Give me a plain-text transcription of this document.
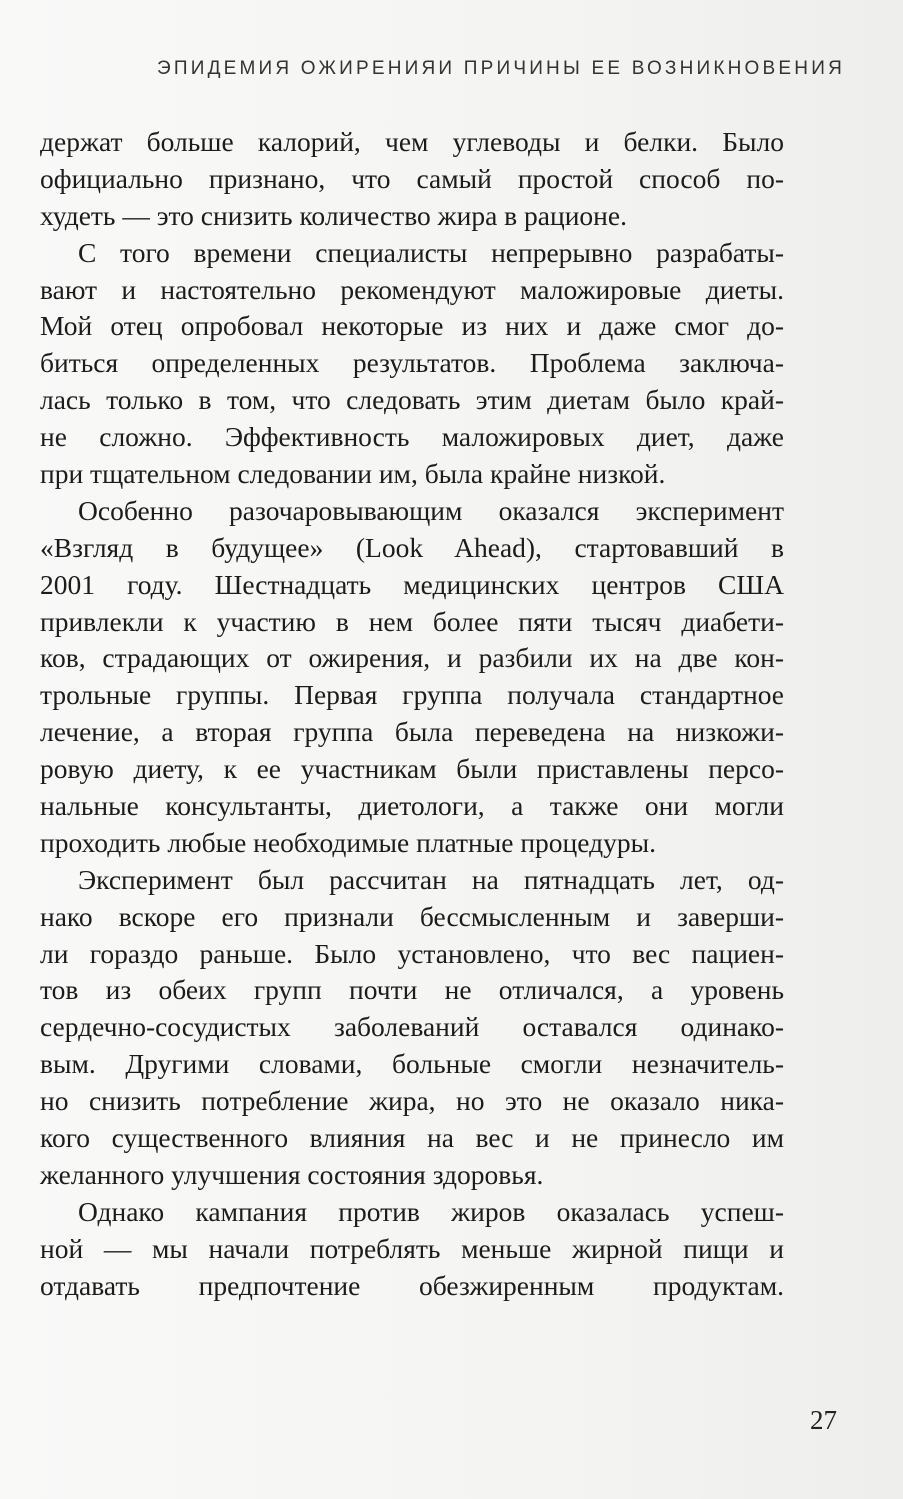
ЭПИДЕМИЯ ОЖИРЕНИЯИ ПРИЧИНЫ ЕЕ ВОЗНИКНОВЕНИЯ
держат больше калорий, чем углеводы и белки. Было
официально признано, что самый простой способ по-
худеть — это снизить количество жира в рационе.
С того времени специалисты непрерывно разрабаты-
вают и настоятельно рекомендуют маложировые диеты.
Мой отец опробовал некоторые из них и даже смог до-
биться определенных результатов. Проблема заключа-
лась только в том, что следовать этим диетам было край-
не сложно. Эффективность маложировых диет, даже
при тщательном следовании им, была крайне низкой.
Особенно разочаровывающим оказался эксперимент
«Взгляд в будущее» (Look Ahead), стартовавший в
2001 году. Шестнадцать медицинских центров США
привлекли к участию в нем более пяти тысяч диабети-
ков, страдающих от ожирения, и разбили их на две кон-
трольные группы. Первая группа получала стандартное
лечение, а вторая группа была переведена на низкожи-
ровую диету, к ее участникам были приставлены персо-
нальные консультанты, диетологи, а также они могли
проходить любые необходимые платные процедуры.
Эксперимент был рассчитан на пятнадцать лет, од-
нако вскоре его признали бессмысленным и заверши-
ли гораздо раньше. Было установлено, что вес пациен-
тов из обеих групп почти не отличался, а уровень
сердечно-сосудистых заболеваний оставался одинако-
вым. Другими словами, больные смогли незначитель-
но снизить потребление жира, но это не оказало ника-
кого существенного влияния на вес и не принесло им
желанного улучшения состояния здоровья.
Однако кампания против жиров оказалась успеш-
ной — мы начали потреблять меньше жирной пищи и
отдавать предпочтение обезжиренным продуктам.
27
